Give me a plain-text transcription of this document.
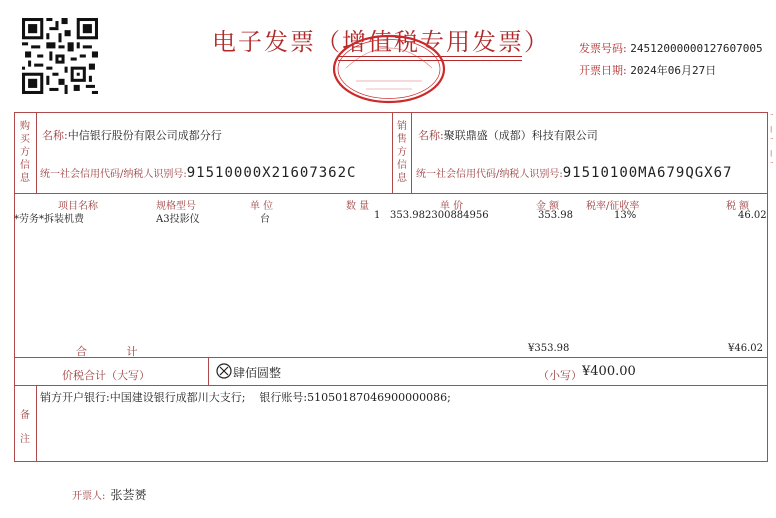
电子发票（增值税专用发票）	发票号码: 24512000000127607005
开票日期: 2024年06月27日
购买方信息
名称:中信银行股份有限公司成都分行
统一社会信用代码/纳税人识别号:91510000X21607362C
销售方信息
名称:聚联鼎盛（成都）科技有限公司
统一社会信用代码/纳税人识别号:91510100MA679QGX67
项目名称	规格型号	单 位	数 量	单 价	金 额	税率/征收率	税 额
*劳务*拆装机费	A3投影仪	台	1 353.982300884956	353.98	13%	46.02
合 计	¥353.98	¥46.02
价税合计（大写）	肆佰圆整	（小写） ¥400.00
备注
销方开户银行:中国建设银行成都川大支行;    银行账号:51050187046900000086;
开票人: 张荟赟
¨
∣
¨
∣
¨
